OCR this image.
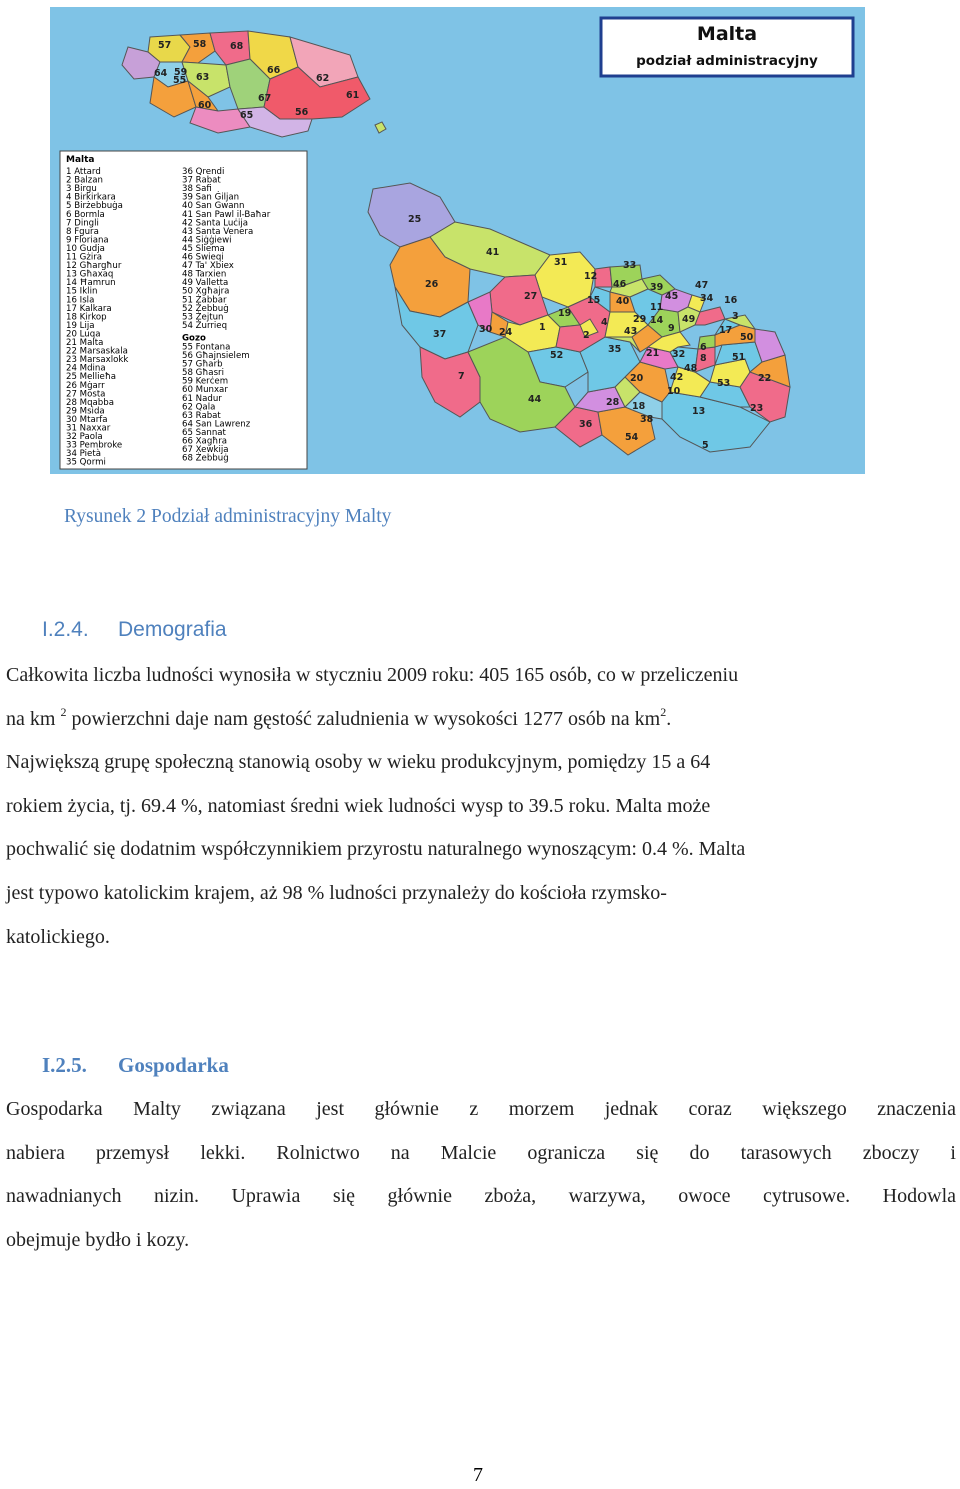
Malta
podział administracyjny
Malta
1 Attard
2 Balzan
3 Birgu
4 Birkirkara
5 Birżebbuġa
6 Bormla
7 Dingli
8 Fgura
9 Floriana
10 Gudja
11 Gżira
12 Għargħur
13 Għaxaq
14 Ħamrun
15 Iklin
16 Isla
17 Kalkara
18 Kirkop
19 Lija
20 Luqa
21 Malta
22 Marsaskala
23 Marsaxlokk
24 Mdina
25 Mellieħa
26 Mġarr
27 Mosta
28 Mqabba
29 Msida
30 Mtarfa
31 Naxxar
32 Paola
33 Pembroke
34 Pietà
35 Qormi
36 Qrendi
37 Rabat
38 Safi
39 San Ġiljan
40 San Gwann
41 San Pawl il-Baħar
42 Santa Luċija
43 Santa Venera
44 Siġġiewi
45 Sliema
46 Swieqi
47 Ta' Xbiex
48 Tarxien
49 Valletta
50 Xgħajra
51 Żabbar
52 Żebbuġ
53 Żejtun
54 Żurrieq
Gozo
55 Fontana
56 Għajnsielem
57 Għarb
58 Għasri
59 Kerċem
60 Munxar
61 Nadur
62 Qala
63 Rabat
64 San Lawrenz
65 Sannat
66 Xagħra
67 Xewkija
68 Żebbuġ
57 58	68
64 59 63
66
62
55
60
67	61
65	56
25
41
31
26
27
37	30 24	1
7
52
44
36
54
28
38
18
20
35	21
5
13
10
23
53
51
22
19
4
15
12
33
46
40
29
43
11
9
14
32 8
48
42
6
17
50
45
47
34 16
3
49
39
2
Rysunek 2 Podział administracyjny Malty
I.2.4. Demografia
Całkowita liczba ludności wynosiła w styczniu 2009 roku: 405 165 osób, co w przeliczeniu
na km $^2$ powierzchni daje nam gęstość zaludnienia w wysokości 1277 osób na $km^2$.
Największą grupę społeczną stanowią osoby w wieku produkcyjnym, pomiędzy 15 a 64
rokiem życia, tj. 69.4 %, natomiast średni wiek ludności wysp to 39.5 roku. Malta może
pochwalić się dodatnim współczynnikiem przyrostu naturalnego wynoszącym: 0.4 %. Malta
jest typowo katolickim krajem, aż 98 % ludności przynależy do kościoła rzymsko-
katolickiego.
I.2.5. Gospodarka
Gospodarka Malty związana jest głównie z morzem jednak coraz większego znaczenia
nabiera przemysł lekki. Rolnictwo na Malcie ogranicza się do tarasowych zboczy i
nawadnianych nizin. Uprawia się głównie zboża, warzywa, owoce cytrusowe. Hodowla
obejmuje bydło i kozy.
7
